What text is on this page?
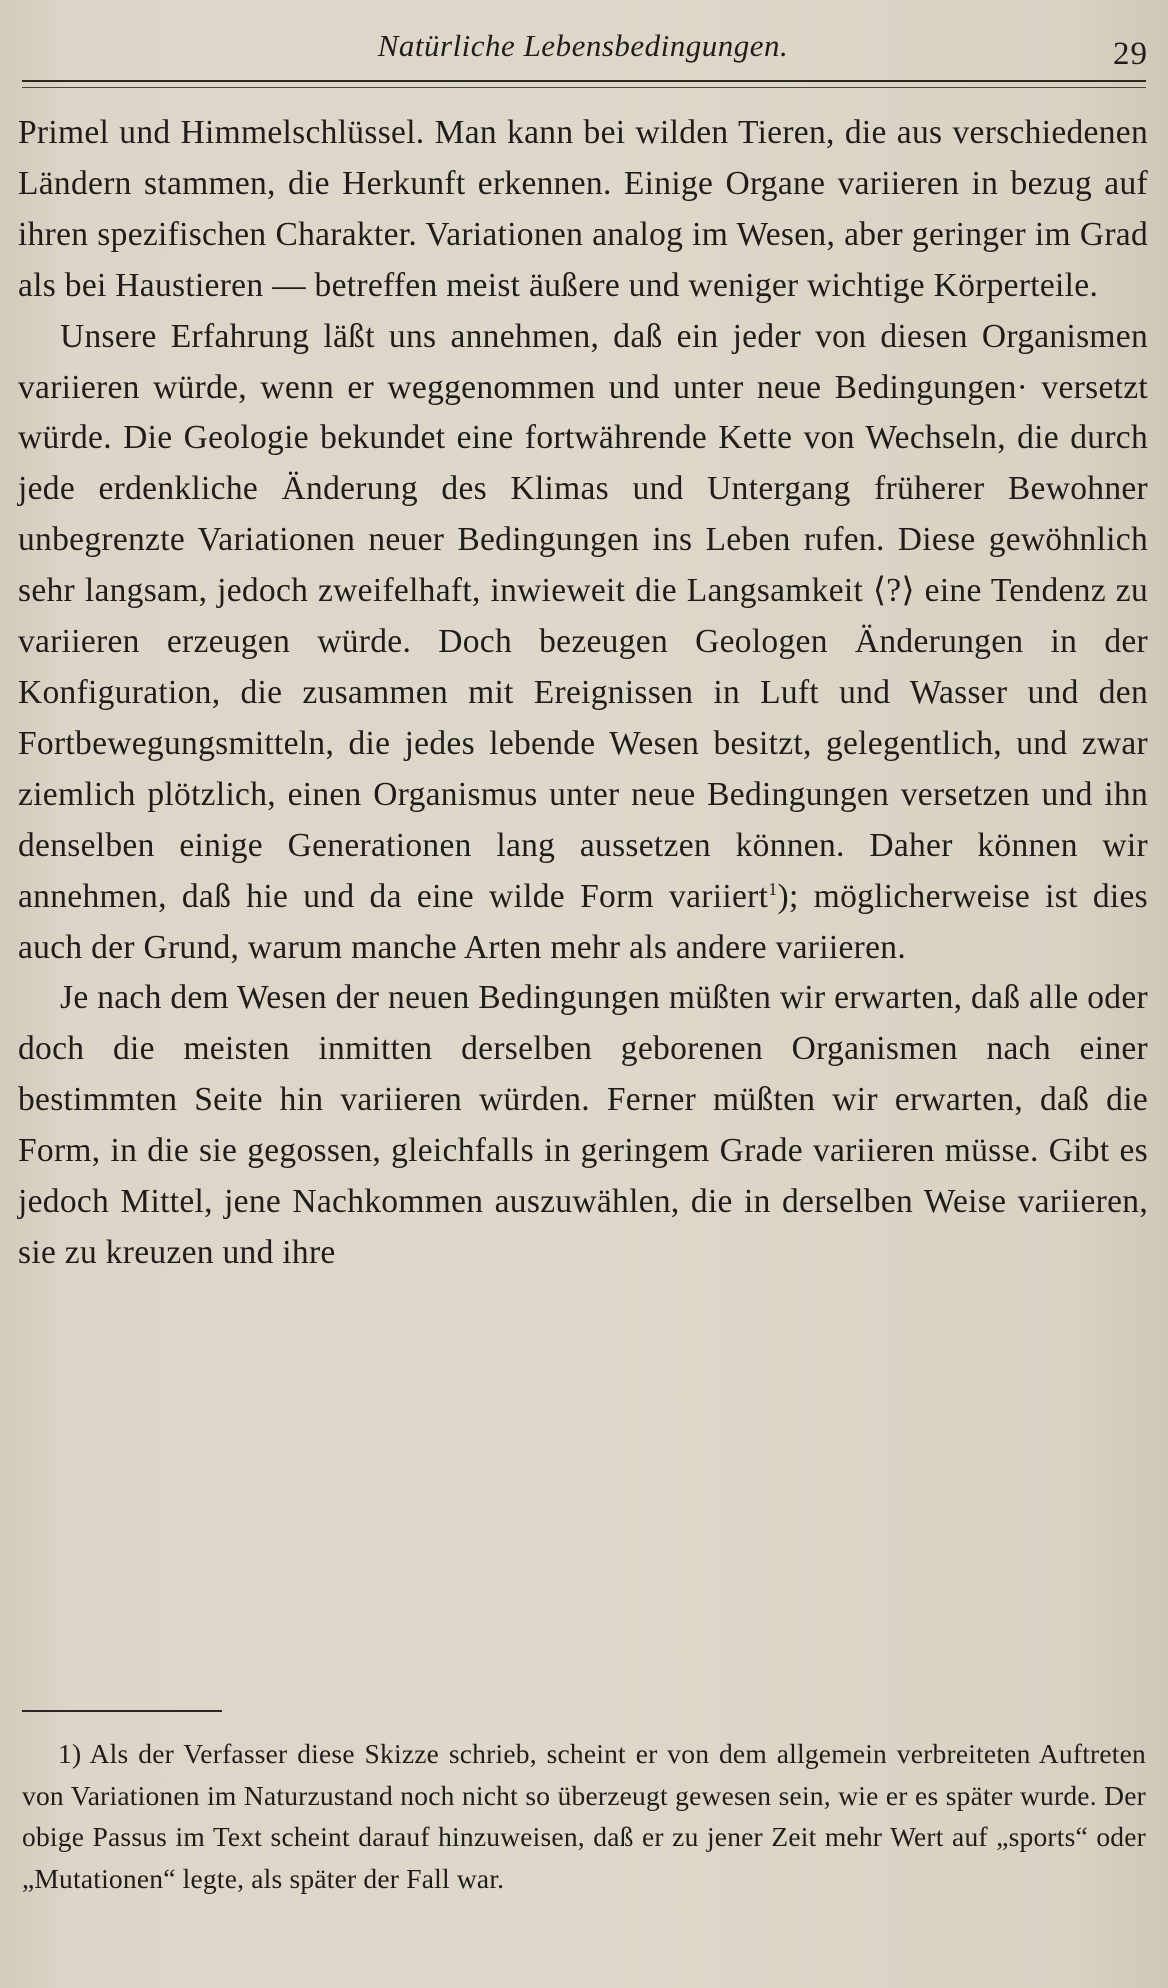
Natürliche Lebensbedingungen.	29

Primel und Himmelschlüssel. Man kann bei wilden Tieren, die aus verschiedenen Ländern stammen, die Herkunft erkennen. Einige Organe variieren in bezug auf ihren spezifischen Charakter. Variationen analog im Wesen, aber geringer im Grad als bei Haustieren — betreffen meist äußere und weniger wichtige Körperteile.

Unsere Erfahrung läßt uns annehmen, daß ein jeder von diesen Organismen variieren würde, wenn er weggenommen und unter neue Bedingungen· versetzt würde. Die Geologie bekundet eine fortwährende Kette von Wechseln, die durch jede erdenkliche Änderung des Klimas und Untergang früherer Bewohner unbegrenzte Variationen neuer Bedingungen ins Leben rufen. Diese gewöhnlich sehr langsam, jedoch zweifelhaft, inwieweit die Langsamkeit ⟨?⟩ eine Tendenz zu variieren erzeugen würde. Doch bezeugen Geologen Änderungen in der Konfiguration, die zusammen mit Ereignissen in Luft und Wasser und den Fortbewegungsmitteln, die jedes lebende Wesen besitzt, gelegentlich, und zwar ziemlich plötzlich, einen Organismus unter neue Bedingungen versetzen und ihn denselben einige Generationen lang aussetzen können. Daher können wir annehmen, daß hie und da eine wilde Form variiert$^1$); möglicherweise ist dies auch der Grund, warum manche Arten mehr als andere variieren.

Je nach dem Wesen der neuen Bedingungen müßten wir erwarten, daß alle oder doch die meisten inmitten derselben geborenen Organismen nach einer bestimmten Seite hin variieren würden. Ferner müßten wir erwarten, daß die Form, in die sie gegossen, gleichfalls in geringem Grade variieren müsse. Gibt es jedoch Mittel, jene Nachkommen auszuwählen, die in derselben Weise variieren, sie zu kreuzen und ihre

1) Als der Verfasser diese Skizze schrieb, scheint er von dem allgemein verbreiteten Auftreten von Variationen im Naturzustand noch nicht so überzeugt gewesen sein, wie er es später wurde. Der obige Passus im Text scheint darauf hinzuweisen, daß er zu jener Zeit mehr Wert auf „sports“ oder „Mutationen“ legte, als später der Fall war.
